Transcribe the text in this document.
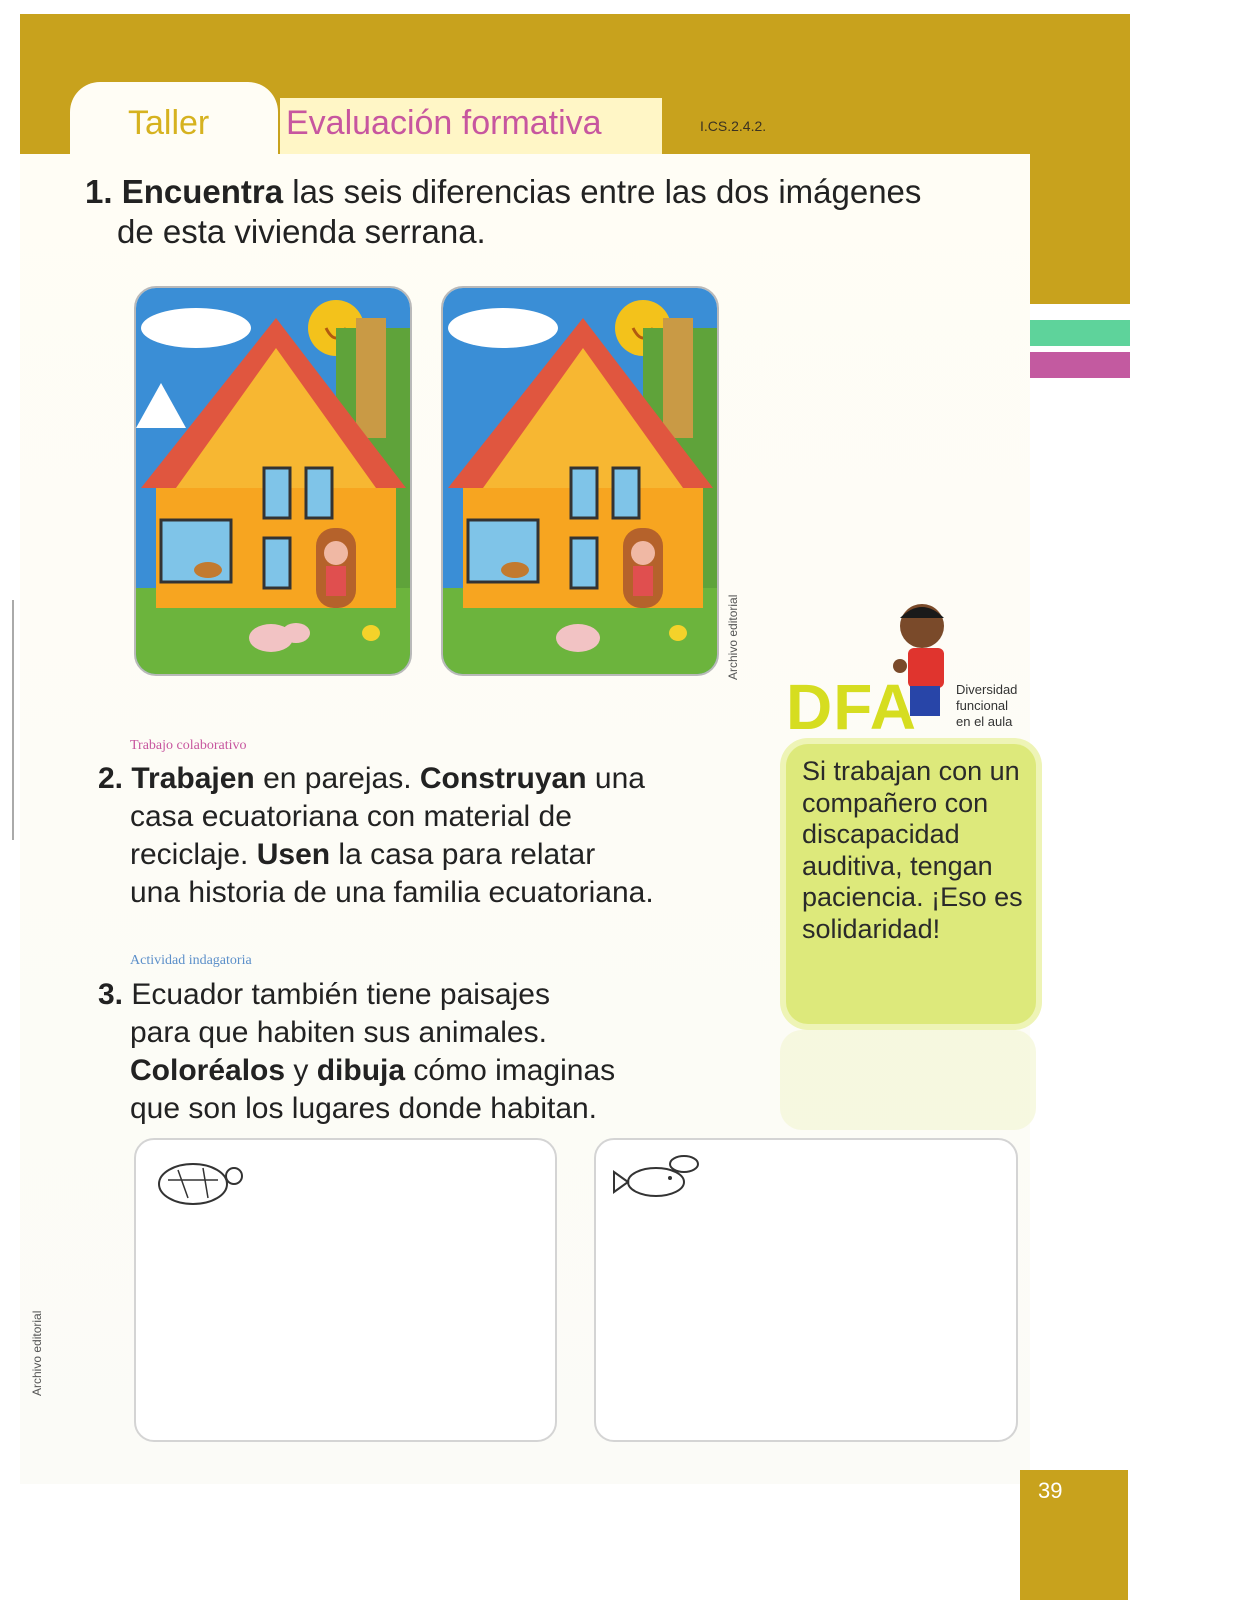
Taller Evaluación formativa	I.CS.2.4.2.
1. Encuentra las seis diferencias entre las dos imágenes
de esta vivienda serrana.
Archivo editorial
DFA	Diversidad
funcional
en el aula

Si trabajan con un compañero con discapacidad auditiva, tengan paciencia. ¡Eso es solidaridad!

Trabajo colaborativo
2. Trabajen en parejas. Construyan una
casa ecuatoriana con material de
reciclaje. Usen la casa para relatar
una historia de una familia ecuatoriana.
Actividad indagatoria
3. Ecuador también tiene paisajes
para que habiten sus animales.
Coloréalos y dibuja cómo imaginas
que son los lugares donde habitan.
Archivo editorial
39
